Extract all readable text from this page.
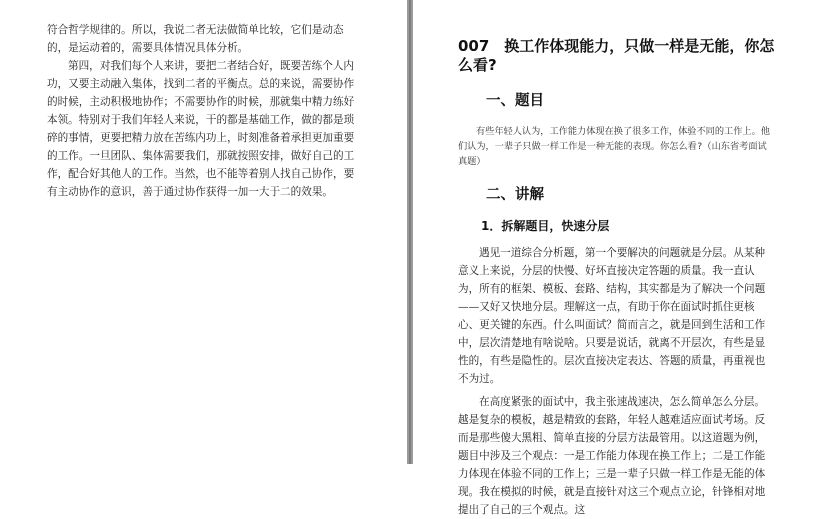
符合哲学规律的。所以，我说二者无法做简单比较，它们是动态的，是运动着的，需要具体情况具体分析。

第四，对我们每个人来讲，要把二者结合好，既要苦练个人内功，又要主动融入集体，找到二者的平衡点。总的来说，需要协作的时候，主动积极地协作；不需要协作的时候，那就集中精力练好本领。特别对于我们年轻人来说，干的都是基础工作，做的都是琐碎的事情，更要把精力放在苦练内功上，时刻准备着承担更加重要的工作。一旦团队、集体需要我们，那就按照安排，做好自己的工作，配合好其他人的工作。当然，也不能等着别人找自己协作，要有主动协作的意识，善于通过协作获得一加一大于二的效果。

007　换工作体现能力，只做一样是无能，你怎么看?
一、题目

有些年轻人认为，工作能力体现在换了很多工作，体验不同的工作上。他们认为，一辈子只做一样工作是一种无能的表现。你怎么看?（山东省考面试真题）

二、讲解
1．拆解题目，快速分层

遇见一道综合分析题，第一个要解决的问题就是分层。从某种意义上来说，分层的快慢、好坏直接决定答题的质量。我一直认为，所有的框架、模板、套路、结构，其实都是为了解决一个问题——又好又快地分层。理解这一点，有助于你在面试时抓住更核心、更关键的东西。什么叫面试？简而言之，就是回到生活和工作中，层次清楚地有啥说啥。只要是说话，就离不开层次，有些是显性的，有些是隐性的。层次直接决定表达、答题的质量，再重视也不为过。

在高度紧张的面试中，我主张速战速决，怎么简单怎么分层。越是复杂的模板，越是精致的套路，年轻人越难适应面试考场。反而是那些傻大黑粗、简单直接的分层方法最管用。以这道题为例，题目中涉及三个观点：一是工作能力体现在换工作上；二是工作能力体现在体验不同的工作上；三是一辈子只做一样工作是无能的体现。我在模拟的时候，就是直接针对这三个观点立论，针锋相对地提出了自己的三个观点。这
